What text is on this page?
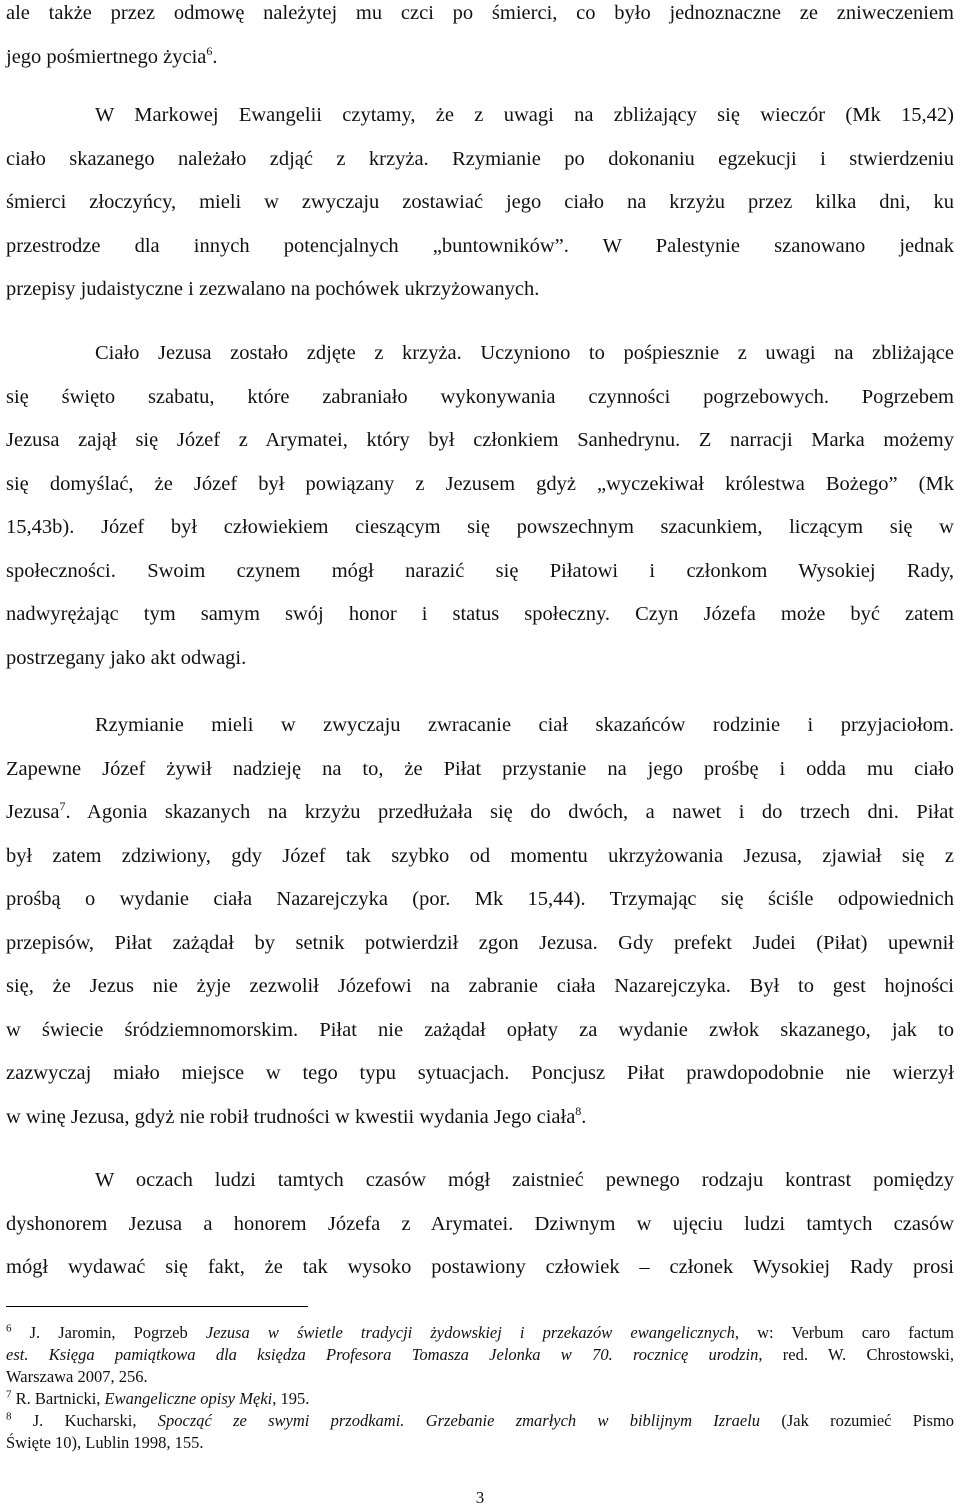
ale także przez odmowę należytej mu czci po śmierci, co było jednoznaczne ze zniweczeniem
jego pośmiertnego życia$^6$.
W Markowej Ewangelii czytamy, że z uwagi na zbliżający się wieczór (Mk 15,42)
ciało skazanego należało zdjąć z krzyża. Rzymianie po dokonaniu egzekucji i stwierdzeniu
śmierci złoczyńcy, mieli w zwyczaju zostawiać jego ciało na krzyżu przez kilka dni, ku
przestrodze dla innych potencjalnych „buntowników”. W Palestynie szanowano jednak
przepisy judaistyczne i zezwalano na pochówek ukrzyżowanych.
Ciało Jezusa zostało zdjęte z krzyża. Uczyniono to pośpiesznie z uwagi na zbliżające
się święto szabatu, które zabraniało wykonywania czynności pogrzebowych. Pogrzebem
Jezusa zajął się Józef z Arymatei, który był członkiem Sanhedrynu. Z narracji Marka możemy
się domyślać, że Józef był powiązany z Jezusem gdyż „wyczekiwał królestwa Bożego” (Mk
15,43b). Józef był człowiekiem cieszącym się powszechnym szacunkiem, liczącym się w
społeczności. Swoim czynem mógł narazić się Piłatowi i członkom Wysokiej Rady,
nadwyrężając tym samym swój honor i status społeczny. Czyn Józefa może być zatem
postrzegany jako akt odwagi.
Rzymianie mieli w zwyczaju zwracanie ciał skazańców rodzinie i przyjaciołom.
Zapewne Józef żywił nadzieję na to, że Piłat przystanie na jego prośbę i odda mu ciało
Jezusa$^7$. Agonia skazanych na krzyżu przedłużała się do dwóch, a nawet i do trzech dni. Piłat
był zatem zdziwiony, gdy Józef tak szybko od momentu ukrzyżowania Jezusa, zjawiał się z
prośbą o wydanie ciała Nazarejczyka (por. Mk 15,44). Trzymając się ściśle odpowiednich
przepisów, Piłat zażądał by setnik potwierdził zgon Jezusa. Gdy prefekt Judei (Piłat) upewnił
się, że Jezus nie żyje zezwolił Józefowi na zabranie ciała Nazarejczyka. Był to gest hojności
w świecie śródziemnomorskim. Piłat nie zażądał opłaty za wydanie zwłok skazanego, jak to
zazwyczaj miało miejsce w tego typu sytuacjach. Poncjusz Piłat prawdopodobnie nie wierzył
w winę Jezusa, gdyż nie robił trudności w kwestii wydania Jego ciała$^8$.
W oczach ludzi tamtych czasów mógł zaistnieć pewnego rodzaju kontrast pomiędzy
dyshonorem Jezusa a honorem Józefa z Arymatei. Dziwnym w ujęciu ludzi tamtych czasów
mógł wydawać się fakt, że tak wysoko postawiony człowiek – członek Wysokiej Rady prosi
$^6$ J. Jaromin, Pogrzeb Jezusa w świetle tradycji żydowskiej i przekazów ewangelicznych, w: Verbum caro factum
est. Księga pamiątkowa dla księdza Profesora Tomasza Jelonka w 70. rocznicę urodzin, red. W. Chrostowski,
Warszawa 2007, 256.
$^7$ R. Bartnicki, Ewangeliczne opisy Męki, 195.
$^8$ J. Kucharski, Spocząć ze swymi przodkami. Grzebanie zmarłych w biblijnym Izraelu (Jak rozumieć Pismo
Święte 10), Lublin 1998, 155.
3
